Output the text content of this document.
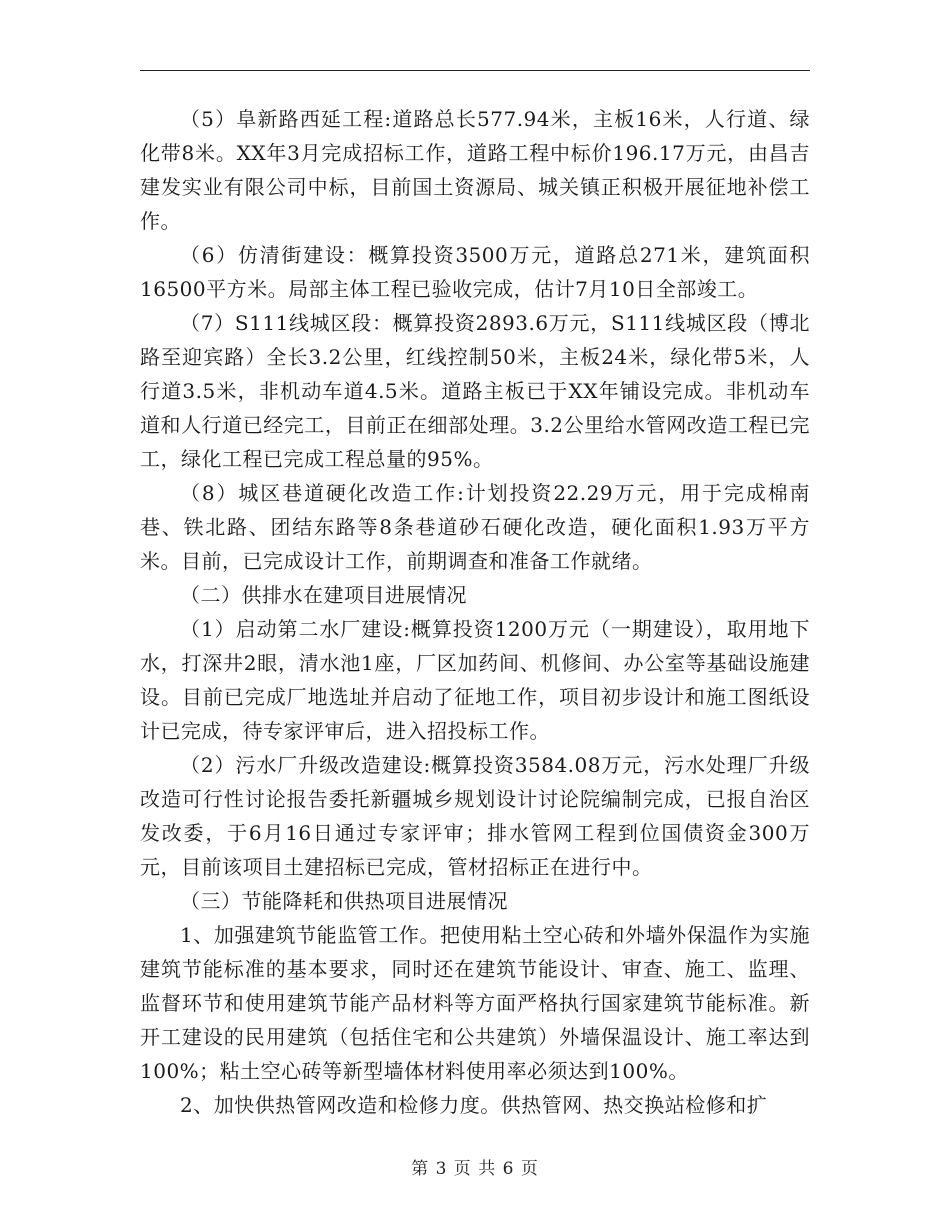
（5）阜新路西延工程:道路总长577.94米，主板16米，人行道、绿化带8米。XX年3月完成招标工作，道路工程中标价196.17万元，由昌吉建发实业有限公司中标，目前国土资源局、城关镇正积极开展征地补偿工作。

（6）仿清街建设：概算投资3500万元，道路总271米，建筑面积16500平方米。局部主体工程已验收完成，估计7月10日全部竣工。

（7）S111线城区段：概算投资2893.6万元，S111线城区段（博北路至迎宾路）全长3.2公里，红线控制50米，主板24米，绿化带5米，人行道3.5米，非机动车道4.5米。道路主板已于XX年铺设完成。非机动车道和人行道已经完工，目前正在细部处理。3.2公里给水管网改造工程已完工，绿化工程已完成工程总量的95%。

（8）城区巷道硬化改造工作:计划投资22.29万元，用于完成棉南巷、铁北路、团结东路等8条巷道砂石硬化改造，硬化面积1.93万平方米。目前，已完成设计工作，前期调查和准备工作就绪。

（二）供排水在建项目进展情况

（1）启动第二水厂建设:概算投资1200万元（一期建设），取用地下水，打深井2眼，清水池1座，厂区加药间、机修间、办公室等基础设施建设。目前已完成厂地选址并启动了征地工作，项目初步设计和施工图纸设计已完成，待专家评审后，进入招投标工作。

（2）污水厂升级改造建设:概算投资3584.08万元，污水处理厂升级改造可行性讨论报告委托新疆城乡规划设计讨论院编制完成，已报自治区发改委，于6月16日通过专家评审；排水管网工程到位国债资金300万元，目前该项目土建招标已完成，管材招标正在进行中。

（三）节能降耗和供热项目进展情况

1、加强建筑节能监管工作。把使用粘土空心砖和外墙外保温作为实施建筑节能标准的基本要求，同时还在建筑节能设计、审查、施工、监理、监督环节和使用建筑节能产品材料等方面严格执行国家建筑节能标准。新开工建设的民用建筑（包括住宅和公共建筑）外墙保温设计、施工率达到100%；粘土空心砖等新型墙体材料使用率必须达到100%。

2、加快供热管网改造和检修力度。供热管网、热交换站检修和扩

第 3 页 共 6 页
